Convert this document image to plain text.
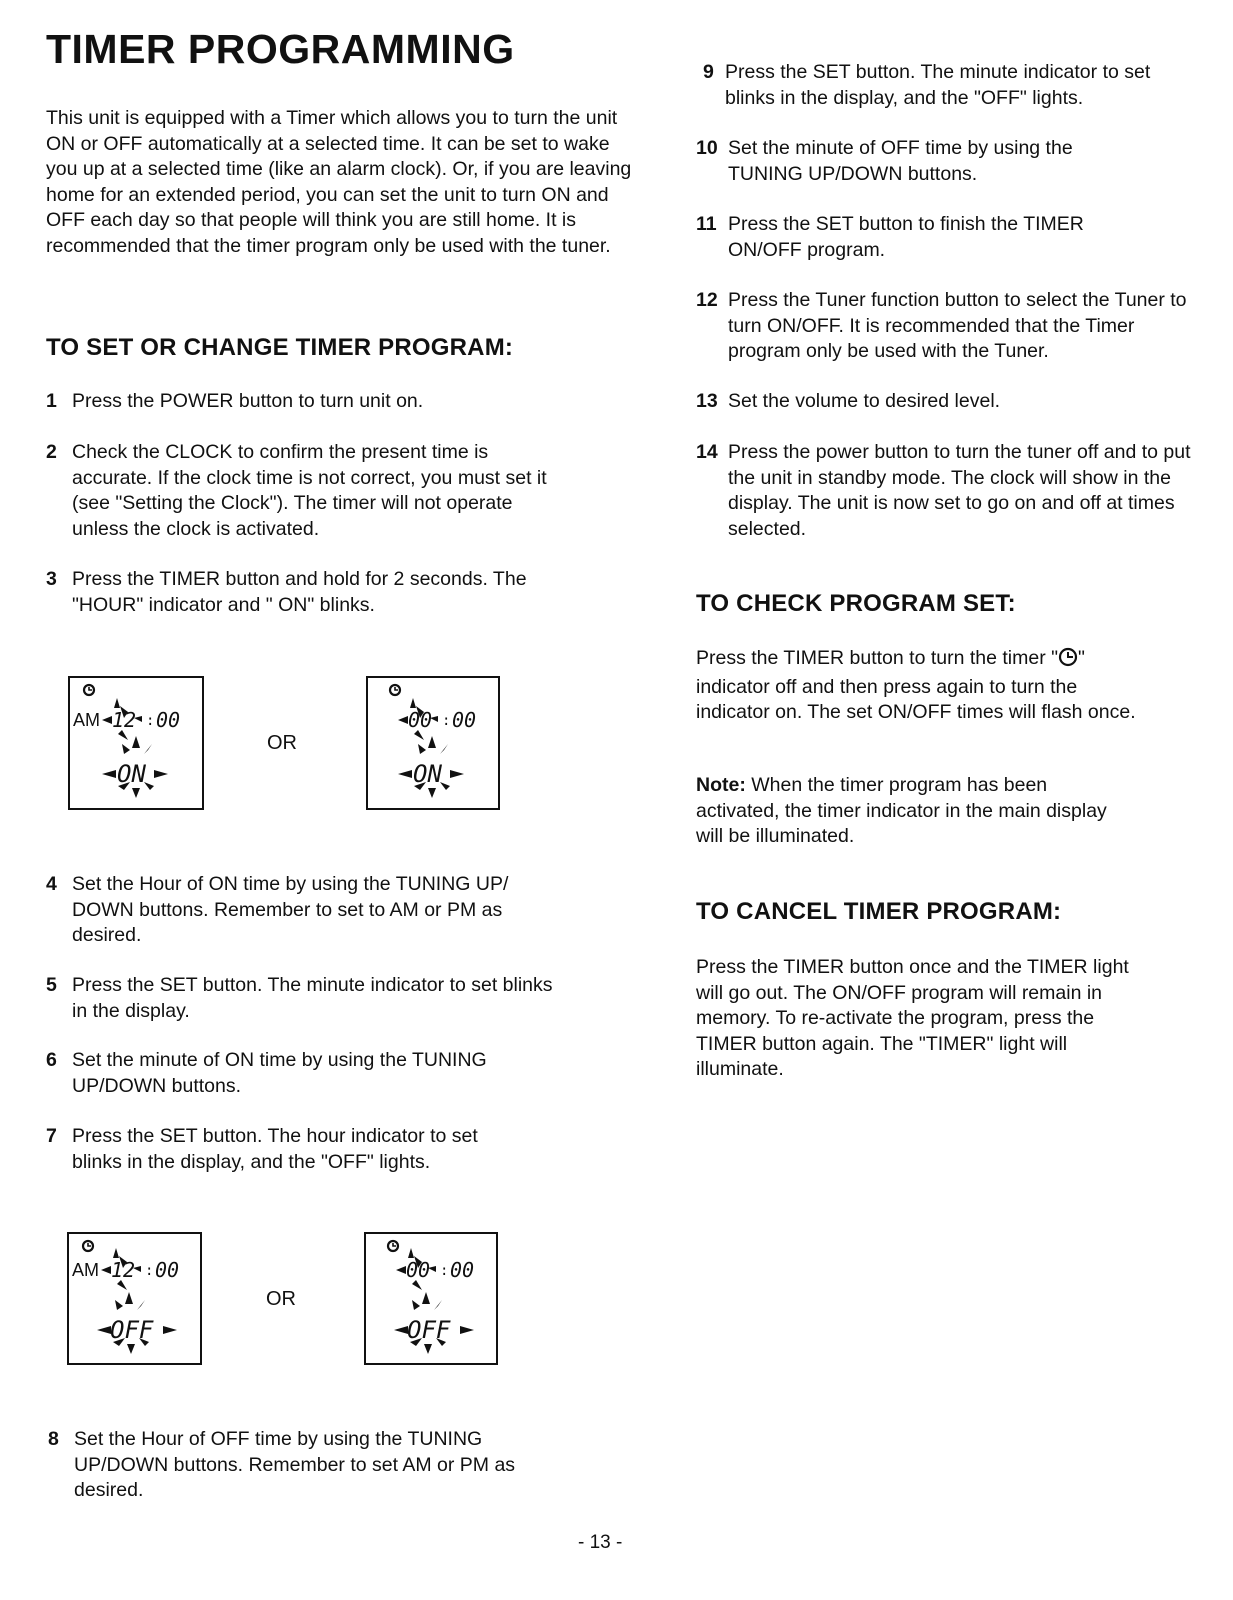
TIMER PROGRAMMING

This unit is equipped with a Timer which allows you to turn the unit ON or OFF automatically at a selected time. It can be set to wake you up at a selected time (like an alarm clock). Or, if you are leaving home for an extended period, you can set the unit to turn ON and OFF each day so that people will think you are still home. It is recommended that the timer program only be used with the tuner.

TO SET OR CHANGE TIMER PROGRAM:
1 Press the POWER button to turn unit on.
2 Check the CLOCK to confirm the present time is accurate. If the clock time is not correct, you must set it (see "Setting the Clock"). The timer will not operate unless the clock is activated.
3 Press the TIMER button and hold for 2 seconds. The "HOUR" indicator and " ON" blinks.
AM 12 00
:
ON
OR
00 00
:
ON
4 Set the Hour of ON time by using the TUNING UP/ DOWN buttons. Remember to set to AM or PM as desired.
5 Press the SET button. The minute indicator to set blinks in the display.
6 Set the minute of ON time by using the TUNING UP/DOWN buttons.
7 Press the SET button. The hour indicator to set blinks in the display, and the "OFF" lights.
AM 12 00
:
OFF
OR
00 00
:
OFF
8 Set the Hour of OFF time by using the TUNING UP/DOWN buttons. Remember to set AM or PM as desired.
9 Press the SET button. The minute indicator to set blinks in the display, and the "OFF" lights.
10 Set the minute of OFF time by using the TUNING UP/DOWN buttons.
11 Press the SET button to finish the TIMER ON/OFF program.
12 Press the Tuner function button to select the Tuner to turn ON/OFF. It is recommended that the Timer program only be used with the Tuner.
13 Set the volume to desired level.
14 Press the power button to turn the tuner off and to put the unit in standby mode. The clock will show in the display. The unit is now set to go on and off at times selected.
TO CHECK PROGRAM SET:

Press the TIMER button to turn the timer " " indicator off and then press again to turn the indicator on. The set ON/OFF times will flash once.

Note: When the timer program has been activated, the timer indicator in the main display will be illuminated.

TO CANCEL TIMER PROGRAM:

Press the TIMER button once and the TIMER light will go out. The ON/OFF program will remain in memory. To re-activate the program, press the TIMER button again. The "TIMER" light will illuminate.

- 13 -
